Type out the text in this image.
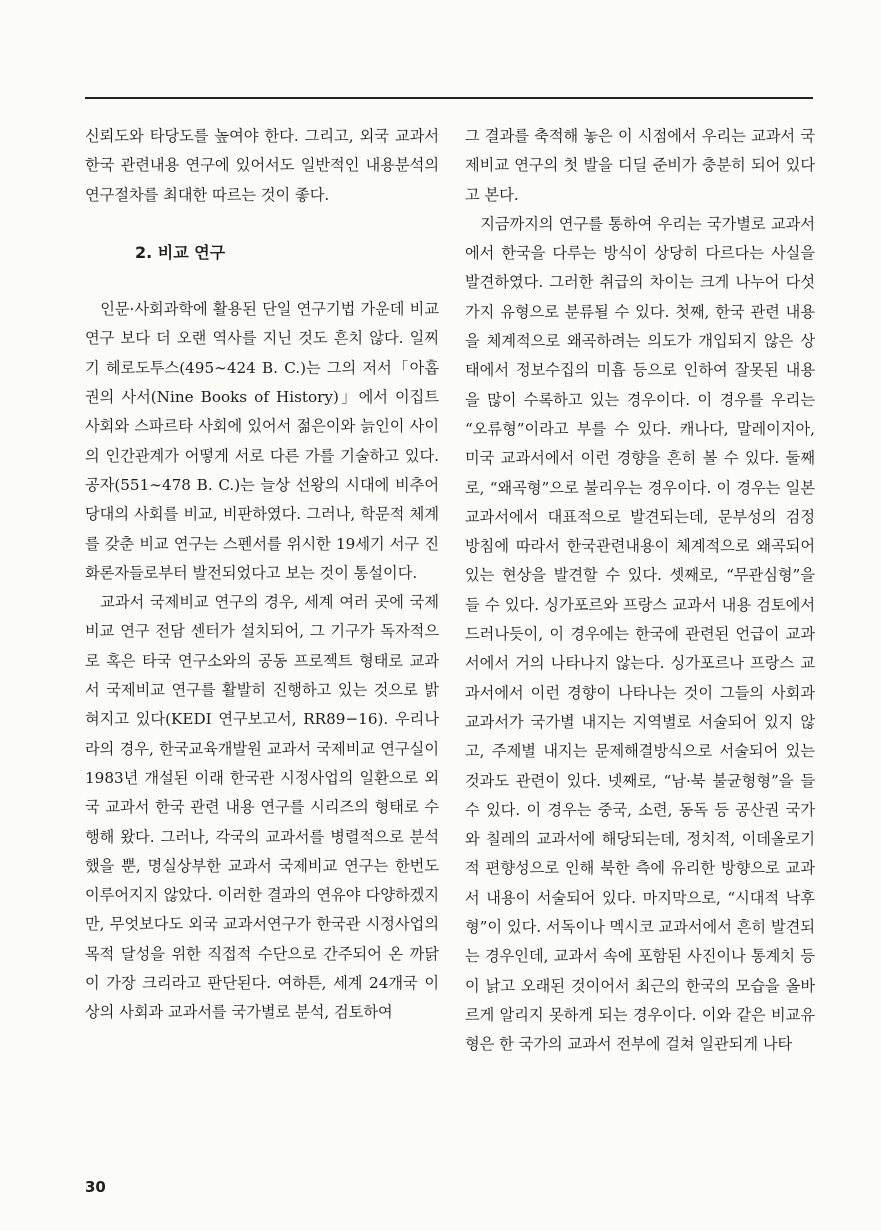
신뢰도와 타당도를 높여야 한다. 그리고, 외국 교과서 한국 관련내용 연구에 있어서도 일반적인 내용분석의 연구절차를 최대한 따르는 것이 좋다.

2. 비교 연구

인문·사회과학에 활용된 단일 연구기법 가운데 비교연구 보다 더 오랜 역사를 지닌 것도 흔치 않다. 일찌기 헤로도투스(495∼424 B. C.)는 그의 저서「아홉권의 사서(Nine Books of History)」에서 이집트 사회와 스파르타 사회에 있어서 젊은이와 늙인이 사이의 인간관계가 어떻게 서로 다른 가를 기술하고 있다. 공자(551∼478 B. C.)는 늘상 선왕의 시대에 비추어 당대의 사회를 비교, 비판하였다. 그러나, 학문적 체계를 갖춘 비교 연구는 스펜서를 위시한 19세기 서구 진화론자들로부터 발전되었다고 보는 것이 통설이다.

교과서 국제비교 연구의 경우, 세계 여러 곳에 국제비교 연구 전담 센터가 설치되어, 그 기구가 독자적으로 혹은 타국 연구소와의 공동 프로젝트 형태로 교과서 국제비교 연구를 활발히 진행하고 있는 것으로 밝혀지고 있다(KEDI 연구보고서, RR89−16). 우리나라의 경우, 한국교육개발원 교과서 국제비교 연구실이 1983년 개설된 이래 한국관 시정사업의 일환으로 외국 교과서 한국 관련 내용 연구를 시리즈의 형태로 수행해 왔다. 그러나, 각국의 교과서를 병렬적으로 분석했을 뿐, 명실상부한 교과서 국제비교 연구는 한번도 이루어지지 않았다. 이러한 결과의 연유야 다양하겠지만, 무엇보다도 외국 교과서연구가 한국관 시정사업의 목적 달성을 위한 직접적 수단으로 간주되어 온 까닭이 가장 크리라고 판단된다. 여하튼, 세계 24개국 이상의 사회과 교과서를 국가별로 분석, 검토하여

그 결과를 축적해 놓은 이 시점에서 우리는 교과서 국제비교 연구의 첫 발을 디딜 준비가 충분히 되어 있다고 본다.

지금까지의 연구를 통하여 우리는 국가별로 교과서에서 한국을 다루는 방식이 상당히 다르다는 사실을 발견하였다. 그러한 취급의 차이는 크게 나누어 다섯 가지 유형으로 분류될 수 있다. 첫째, 한국 관련 내용을 체계적으로 왜곡하려는 의도가 개입되지 않은 상태에서 정보수집의 미흡 등으로 인하여 잘못된 내용을 많이 수록하고 있는 경우이다. 이 경우를 우리는 “오류형”이라고 부를 수 있다. 캐나다, 말레이지아, 미국 교과서에서 이런 경향을 흔히 볼 수 있다. 둘째로, “왜곡형”으로 불리우는 경우이다. 이 경우는 일본 교과서에서 대표적으로 발견되는데, 문부성의 검정 방침에 따라서 한국관련내용이 체계적으로 왜곡되어 있는 현상을 발견할 수 있다. 셋째로, “무관심형”을 들 수 있다. 싱가포르와 프랑스 교과서 내용 검토에서 드러나듯이, 이 경우에는 한국에 관련된 언급이 교과서에서 거의 나타나지 않는다. 싱가포르나 프랑스 교과서에서 이런 경향이 나타나는 것이 그들의 사회과 교과서가 국가별 내지는 지역별로 서술되어 있지 않고, 주제별 내지는 문제해결방식으로 서술되어 있는 것과도 관련이 있다. 넷째로, “남·북 불균형형”을 들 수 있다. 이 경우는 중국, 소련, 동독 등 공산권 국가와 칠레의 교과서에 해당되는데, 정치적, 이데올로기적 편향성으로 인해 북한 측에 유리한 방향으로 교과서 내용이 서술되어 있다. 마지막으로, “시대적 낙후형”이 있다. 서독이나 멕시코 교과서에서 흔히 발견되는 경우인데, 교과서 속에 포함된 사진이나 통계치 등이 낡고 오래된 것이어서 최근의 한국의 모습을 올바르게 알리지 못하게 되는 경우이다. 이와 같은 비교유형은 한 국가의 교과서 전부에 걸쳐 일관되게 나타

30
